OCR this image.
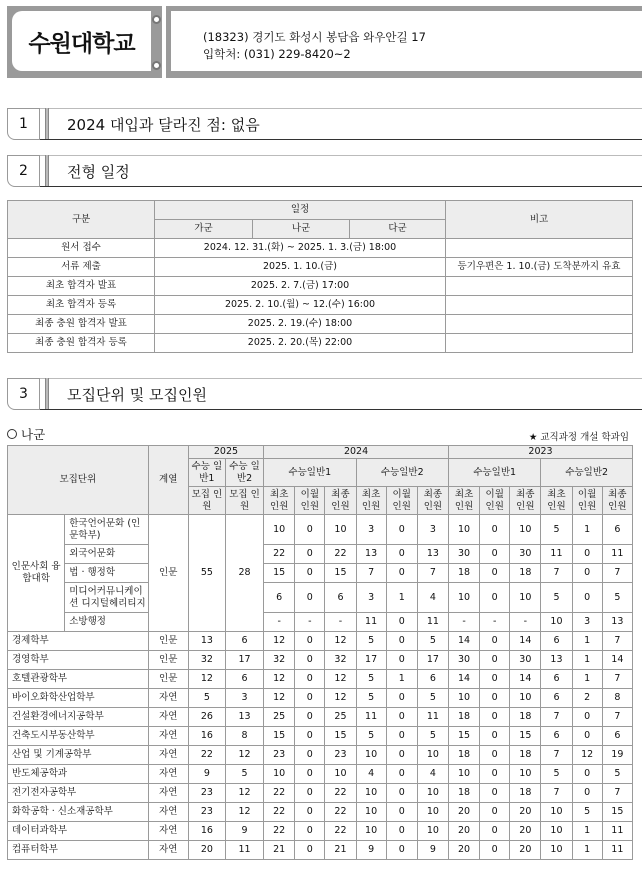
수원대학교	(18323) 경기도 화성시 봉담읍 와우안길 17
입학처: (031) 229-8420~2
1	2024 대입과 달라진 점: 없음
2	전형 일정
구분	일정			비고
	가군	나군	다군	
원서 접수	2024. 12. 31.(화) ~ 2025. 1. 3.(금) 18:00			
서류 제출	2025. 1. 10.(금)			등기우편은 1. 10.(금) 도착분까지 유효
최초 합격자 발표	2025. 2. 7.(금) 17:00			
최초 합격자 등록	2025. 2. 10.(월) ~ 12.(수) 16:00			
최종 충원 합격자 발표	2025. 2. 19.(수) 18:00			
최종 충원 합격자 등록	2025. 2. 20.(목) 22:00			
3	모집단위 및 모집인원
나군	★ 교직과정 개설 학과임
모집단위		계열	2025		2024						2023					
			수능 일반1	수능 일반2	수능일반1			수능일반2			수능일반1			수능일반2		
			모집 인원	모집 인원	최초 인원	이월 인원	최종 인원	최초 인원	이월 인원	최종 인원	최초 인원	이월 인원	최종 인원	최초 인원	이월 인원	최종 인원
인문사회 융합대학	한국언어문화 (인문학부)	인문	55	28	10	0	10	3	0	3	10	0	10	5	1	6
	외국어문화				22	0	22	13	0	13	30	0	30	11	0	11
	법 · 행정학				15	0	15	7	0	7	18	0	18	7	0	7
	미디어커뮤니케이션 디지털헤리티지				6	0	6	3	1	4	10	0	10	5	0	5
	소방행정				-	-	-	11	0	11	-	-	-	10	3	13
경제학부		인문	13	6	12	0	12	5	0	5	14	0	14	6	1	7
경영학부		인문	32	17	32	0	32	17	0	17	30	0	30	13	1	14
호텔관광학부		인문	12	6	12	0	12	5	1	6	14	0	14	6	1	7
바이오화학산업학부		자연	5	3	12	0	12	5	0	5	10	0	10	6	2	8
건설환경에너지공학부		자연	26	13	25	0	25	11	0	11	18	0	18	7	0	7
건축도시부동산학부		자연	16	8	15	0	15	5	0	5	15	0	15	6	0	6
산업 및 기계공학부		자연	22	12	23	0	23	10	0	10	18	0	18	7	12	19
반도체공학과		자연	9	5	10	0	10	4	0	4	10	0	10	5	0	5
전기전자공학부		자연	23	12	22	0	22	10	0	10	18	0	18	7	0	7
화학공학 · 신소재공학부		자연	23	12	22	0	22	10	0	10	20	0	20	10	5	15
데이터과학부		자연	16	9	22	0	22	10	0	10	20	0	20	10	1	11
컴퓨터학부		자연	20	11	21	0	21	9	0	9	20	0	20	10	1	11
